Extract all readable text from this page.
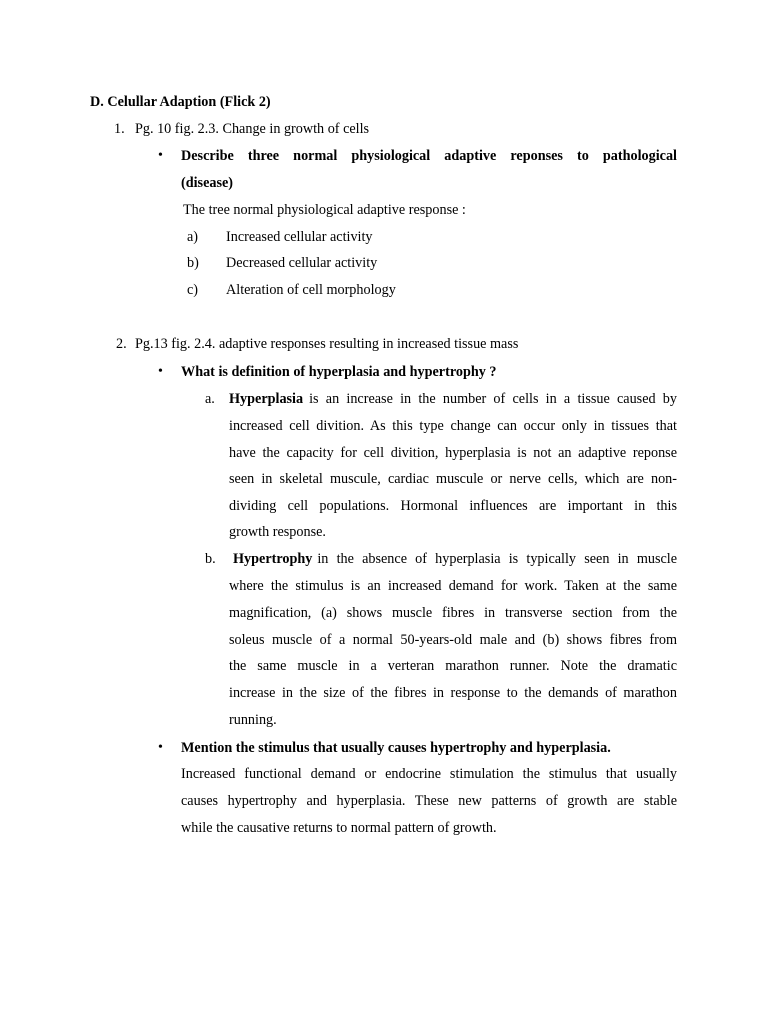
D. Celullar Adaption (Flick 2)
1. Pg. 10 fig. 2.3. Change in growth of cells
• Describe three normal physiological adaptive reponses to pathological
(disease)
The tree normal physiological adaptive response :
a) Increased cellular activity
b) Decreased cellular activity
c) Alteration of cell morphology
2. Pg.13 fig. 2.4. adaptive responses resulting in increased tissue mass
• What is definition of hyperplasia and hypertrophy ?
a. Hyperplasia is an increase in the number of cells in a tissue caused by
increased cell divition. As this type change can occur only in tissues that
have the capacity for cell divition, hyperplasia is not an adaptive reponse
seen in skeletal muscule, cardiac muscule or nerve cells, which are non-
dividing cell populations. Hormonal influences are important in this
growth response.
b. Hypertrophy in the absence of hyperplasia is typically seen in muscle
where the stimulus is an increased demand for work. Taken at the same
magnification, (a) shows muscle fibres in transverse section from the
soleus muscle of a normal 50-years-old male and (b) shows fibres from
the same muscle in a verteran marathon runner. Note the dramatic
increase in the size of the fibres in response to the demands of marathon
running.
• Mention the stimulus that usually causes hypertrophy and hyperplasia.
Increased functional demand or endocrine stimulation the stimulus that usually
causes hypertrophy and hyperplasia. These new patterns of growth are stable
while the causative returns to normal pattern of growth.
